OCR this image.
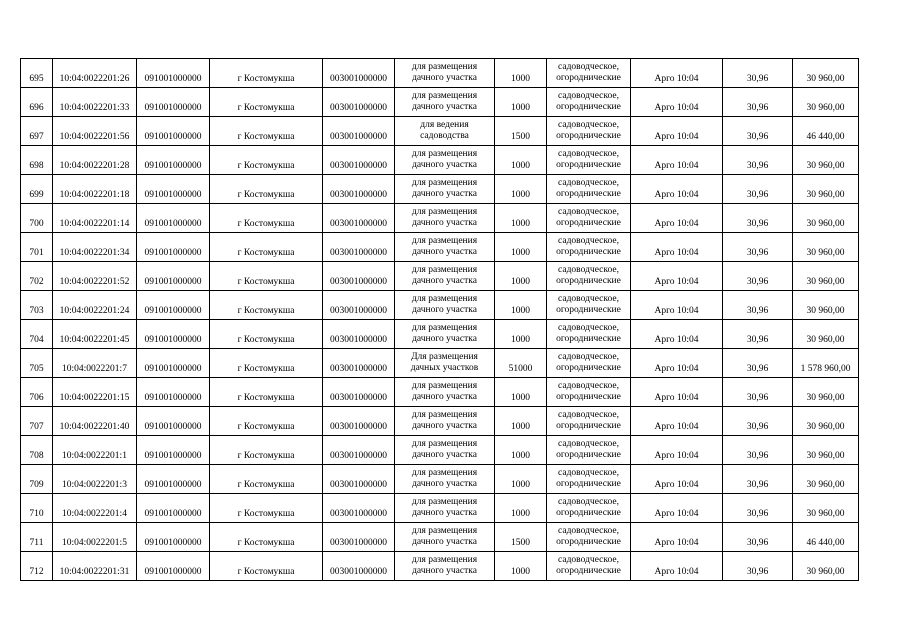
695	10:04:0022201:26	091001000000	г Костомукша	003001000000	для размещения
дачного участка	1000	садоводческое,
огороднические	Арго 10:04	30,96	30 960,00

696	10:04:0022201:33	091001000000	г Костомукша	003001000000	для размещения
дачного участка	1000	садоводческое,
огороднические	Арго 10:04	30,96	30 960,00

697	10:04:0022201:56	091001000000	г Костомукша	003001000000	для ведения
садоводства	1500	садоводческое,
огороднические	Арго 10:04	30,96	46 440,00

698	10:04:0022201:28	091001000000	г Костомукша	003001000000	для размещения
дачного участка	1000	садоводческое,
огороднические	Арго 10:04	30,96	30 960,00

699	10:04:0022201:18	091001000000	г Костомукша	003001000000	для размещения
дачного участка	1000	садоводческое,
огороднические	Арго 10:04	30,96	30 960,00

700	10:04:0022201:14	091001000000	г Костомукша	003001000000	для размещения
дачного участка	1000	садоводческое,
огороднические	Арго 10:04	30,96	30 960,00

701	10:04:0022201:34	091001000000	г Костомукша	003001000000	для размещения
дачного участка	1000	садоводческое,
огороднические	Арго 10:04	30,96	30 960,00

702	10:04:0022201:52	091001000000	г Костомукша	003001000000	для размещения
дачного участка	1000	садоводческое,
огороднические	Арго 10:04	30,96	30 960,00

703	10:04:0022201:24	091001000000	г Костомукша	003001000000	для размещения
дачного участка	1000	садоводческое,
огороднические	Арго 10:04	30,96	30 960,00

704	10:04:0022201:45	091001000000	г Костомукша	003001000000	для размещения
дачного участка	1000	садоводческое,
огороднические	Арго 10:04	30,96	30 960,00

705	10:04:0022201:7	091001000000	г Костомукша	003001000000	Для размещения
дачных участков	51000	садоводческое,
огороднические	Арго 10:04	30,96	1 578 960,00

706	10:04:0022201:15	091001000000	г Костомукша	003001000000	для размещения
дачного участка	1000	садоводческое,
огороднические	Арго 10:04	30,96	30 960,00

707	10:04:0022201:40	091001000000	г Костомукша	003001000000	для размещения
дачного участка	1000	садоводческое,
огороднические	Арго 10:04	30,96	30 960,00

708	10:04:0022201:1	091001000000	г Костомукша	003001000000	для размещения
дачного участка	1000	садоводческое,
огороднические	Арго 10:04	30,96	30 960,00

709	10:04:0022201:3	091001000000	г Костомукша	003001000000	для размещения
дачного участка	1000	садоводческое,
огороднические	Арго 10:04	30,96	30 960,00

710	10:04:0022201:4	091001000000	г Костомукша	003001000000	для размещения
дачного участка	1000	садоводческое,
огороднические	Арго 10:04	30,96	30 960,00

711	10:04:0022201:5	091001000000	г Костомукша	003001000000	для размещения
дачного участка	1500	садоводческое,
огороднические	Арго 10:04	30,96	46 440,00

712	10:04:0022201:31	091001000000	г Костомукша	003001000000	для размещения
дачного участка	1000	садоводческое,
огороднические	Арго 10:04	30,96	30 960,00
